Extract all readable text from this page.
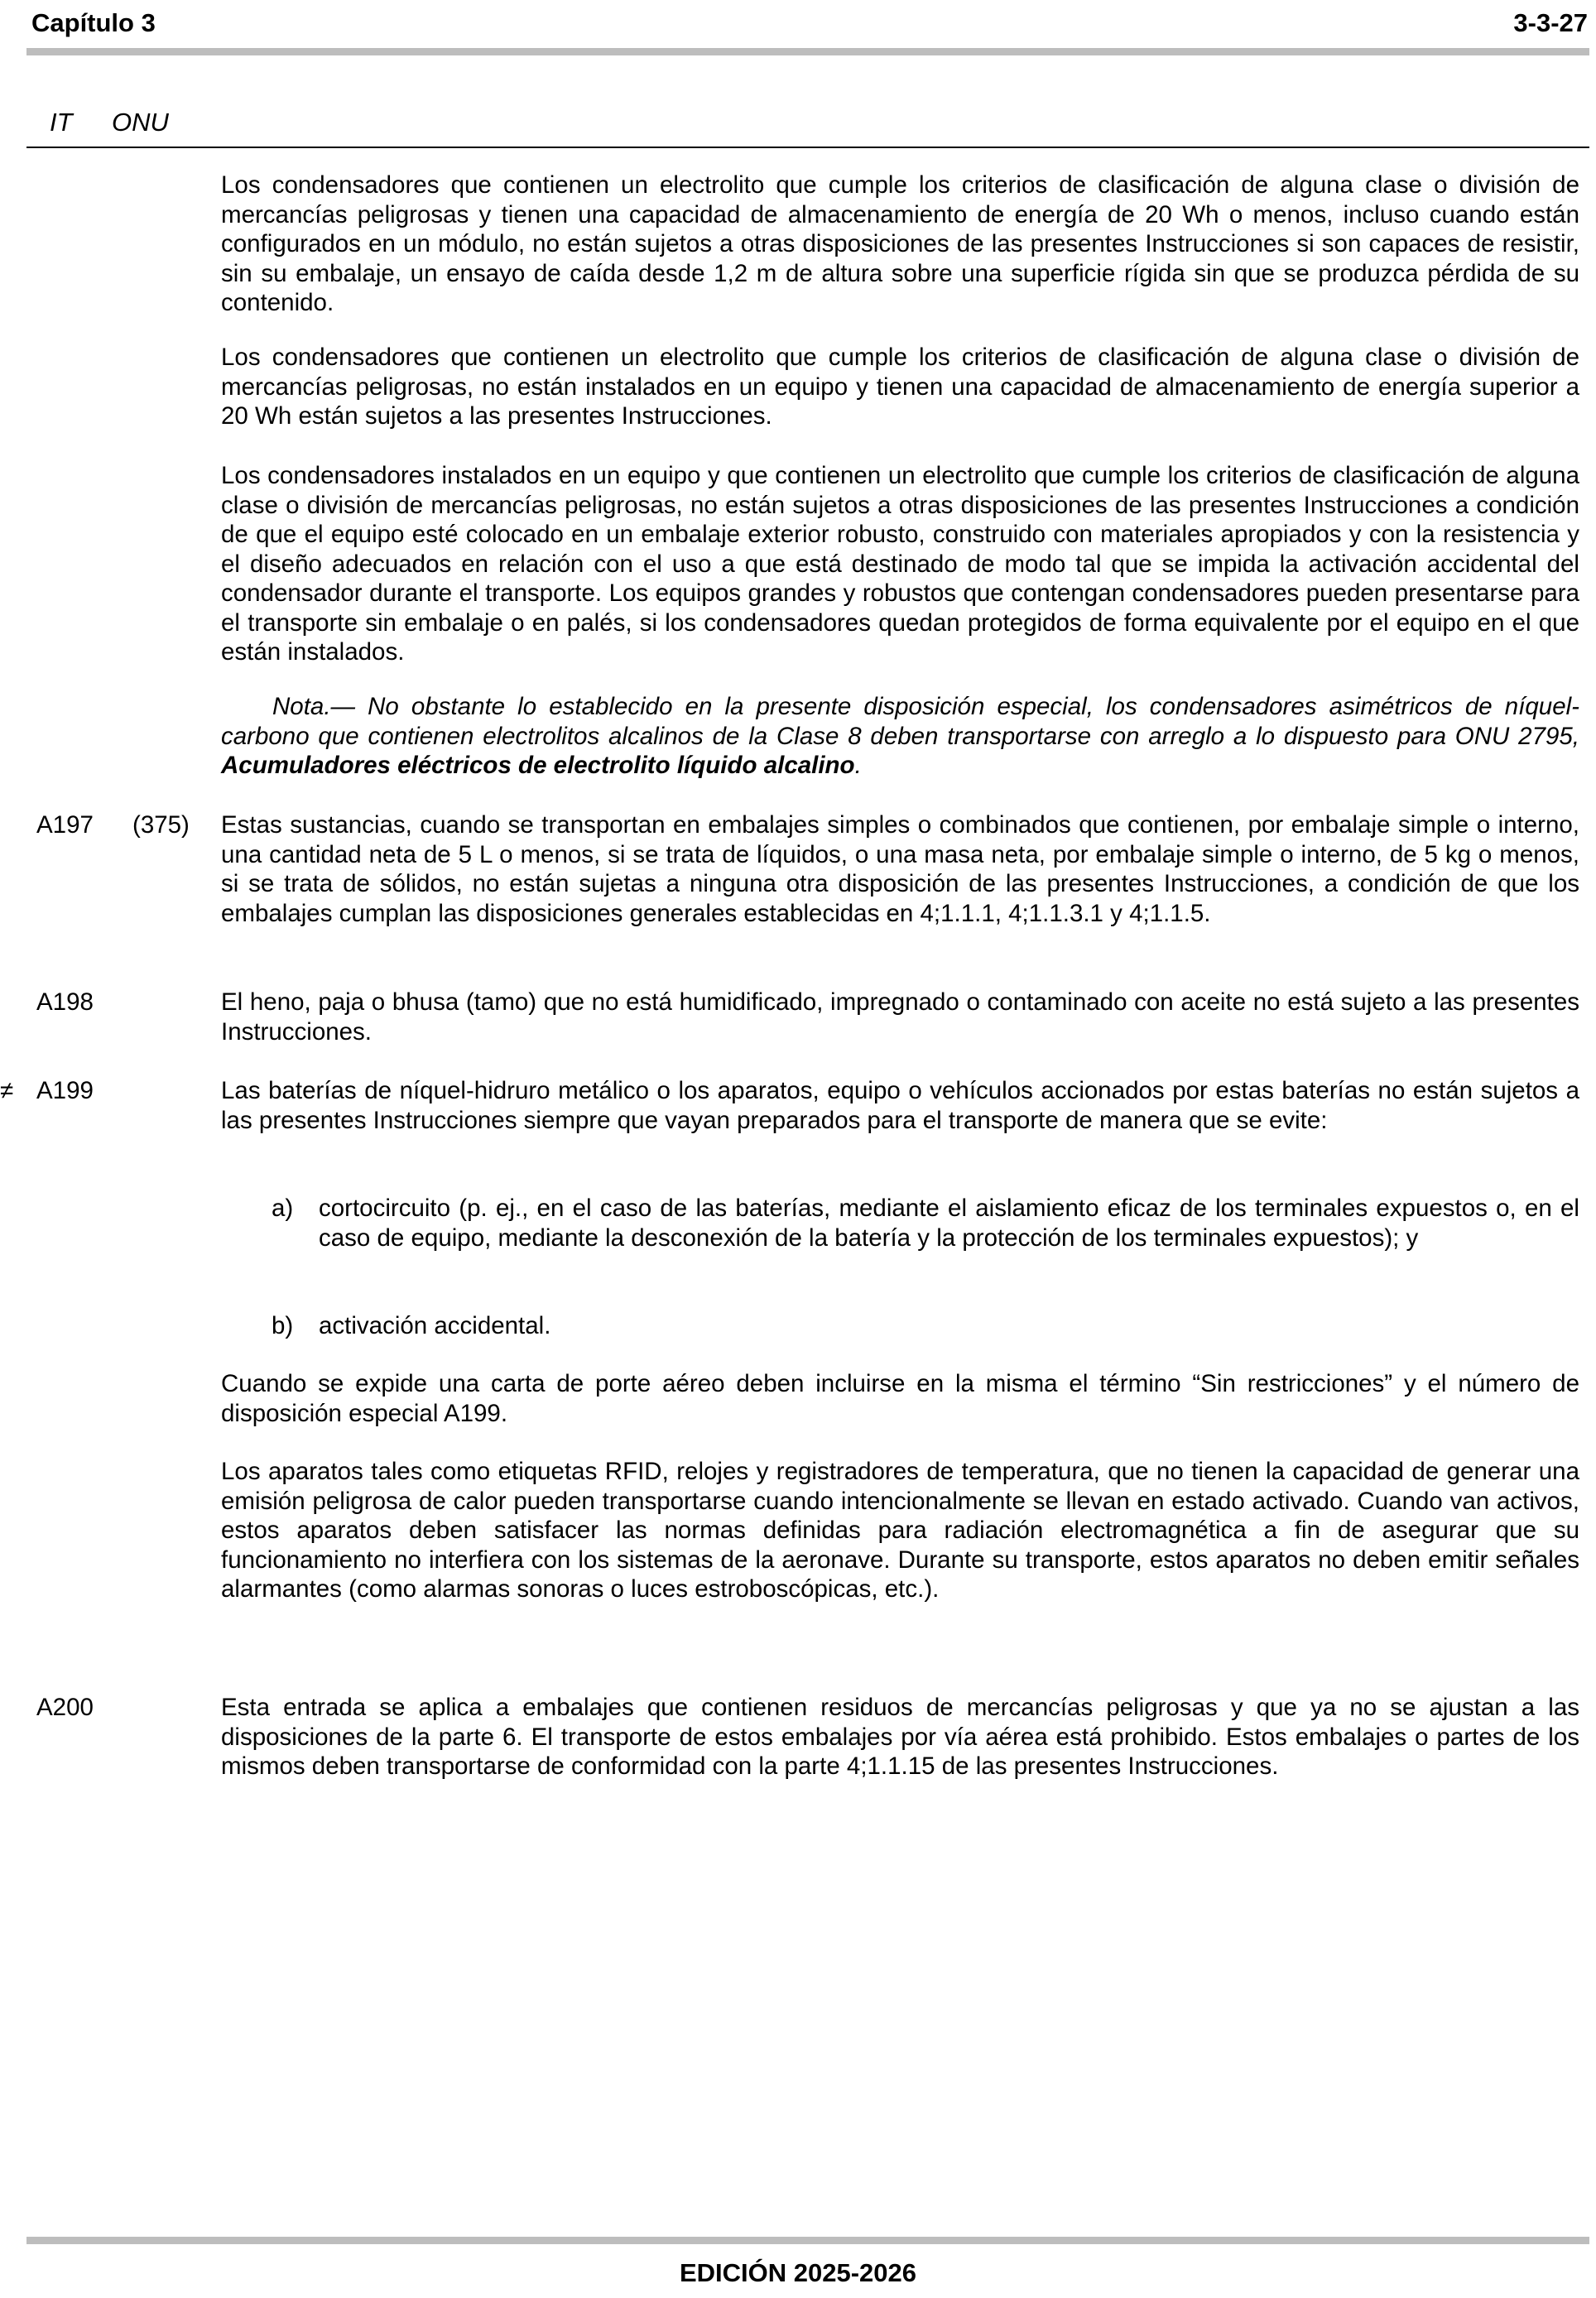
Capítulo 3	3-3-27
IT ONU
Los condensadores que contienen un electrolito que cumple los criterios de clasificación de alguna clase o división de mercancías peligrosas y tienen una capacidad de almacenamiento de energía de 20 Wh o menos, incluso cuando están configurados en un módulo, no están sujetos a otras disposiciones de las presentes Instrucciones si son capaces de resistir, sin su embalaje, un ensayo de caída desde 1,2 m de altura sobre una superficie rígida sin que se produzca pérdida de su contenido.
Los condensadores que contienen un electrolito que cumple los criterios de clasificación de alguna clase o división de mercancías peligrosas, no están instalados en un equipo y tienen una capacidad de almacenamiento de energía superior a 20 Wh están sujetos a las presentes Instrucciones.
Los condensadores instalados en un equipo y que contienen un electrolito que cumple los criterios de clasificación de alguna clase o división de mercancías peligrosas, no están sujetos a otras disposiciones de las presentes Instrucciones a condición de que el equipo esté colocado en un embalaje exterior robusto, construido con materiales apropiados y con la resistencia y el diseño adecuados en relación con el uso a que está destinado de modo tal que se impida la activación accidental del condensador durante el transporte. Los equipos grandes y robustos que contengan condensadores pueden presentarse para el transporte sin embalaje o en palés, si los condensadores quedan protegidos de forma equivalente por el equipo en el que están instalados.
Nota.— No obstante lo establecido en la presente disposición especial, los condensadores asimétricos de níquel-carbono que contienen electrolitos alcalinos de la Clase 8 deben transportarse con arreglo a lo dispuesto para ONU 2795, Acumuladores eléctricos de electrolito líquido alcalino.
A197 (375) Estas sustancias, cuando se transportan en embalajes simples o combinados que contienen, por embalaje simple o interno, una cantidad neta de 5 L o menos, si se trata de líquidos, o una masa neta, por embalaje simple o interno, de 5 kg o menos, si se trata de sólidos, no están sujetas a ninguna otra disposición de las presentes Instrucciones, a condición de que los embalajes cumplan las disposiciones generales establecidas en 4;1.1.1, 4;1.1.3.1 y 4;1.1.5.
A198	El heno, paja o bhusa (tamo) que no está humidificado, impregnado o contaminado con aceite no está sujeto a las presentes Instrucciones.
≠ A199	Las baterías de níquel-hidruro metálico o los aparatos, equipo o vehículos accionados por estas baterías no están sujetos a las presentes Instrucciones siempre que vayan preparados para el transporte de manera que se evite:
a) cortocircuito (p. ej., en el caso de las baterías, mediante el aislamiento eficaz de los terminales expuestos o, en el caso de equipo, mediante la desconexión de la batería y la protección de los terminales expuestos); y
b) activación accidental.
Cuando se expide una carta de porte aéreo deben incluirse en la misma el término “Sin restricciones” y el número de disposición especial A199.
Los aparatos tales como etiquetas RFID, relojes y registradores de temperatura, que no tienen la capacidad de generar una emisión peligrosa de calor pueden transportarse cuando intencionalmente se llevan en estado activado. Cuando van activos, estos aparatos deben satisfacer las normas definidas para radiación electromagnética a fin de asegurar que su funcionamiento no interfiera con los sistemas de la aeronave. Durante su transporte, estos aparatos no deben emitir señales alarmantes (como alarmas sonoras o luces estroboscópicas, etc.).
A200	Esta entrada se aplica a embalajes que contienen residuos de mercancías peligrosas y que ya no se ajustan a las disposiciones de la parte 6. El transporte de estos embalajes por vía aérea está prohibido. Estos embalajes o partes de los mismos deben transportarse de conformidad con la parte 4;1.1.15 de las presentes Instrucciones.
EDICIÓN 2025-2026
